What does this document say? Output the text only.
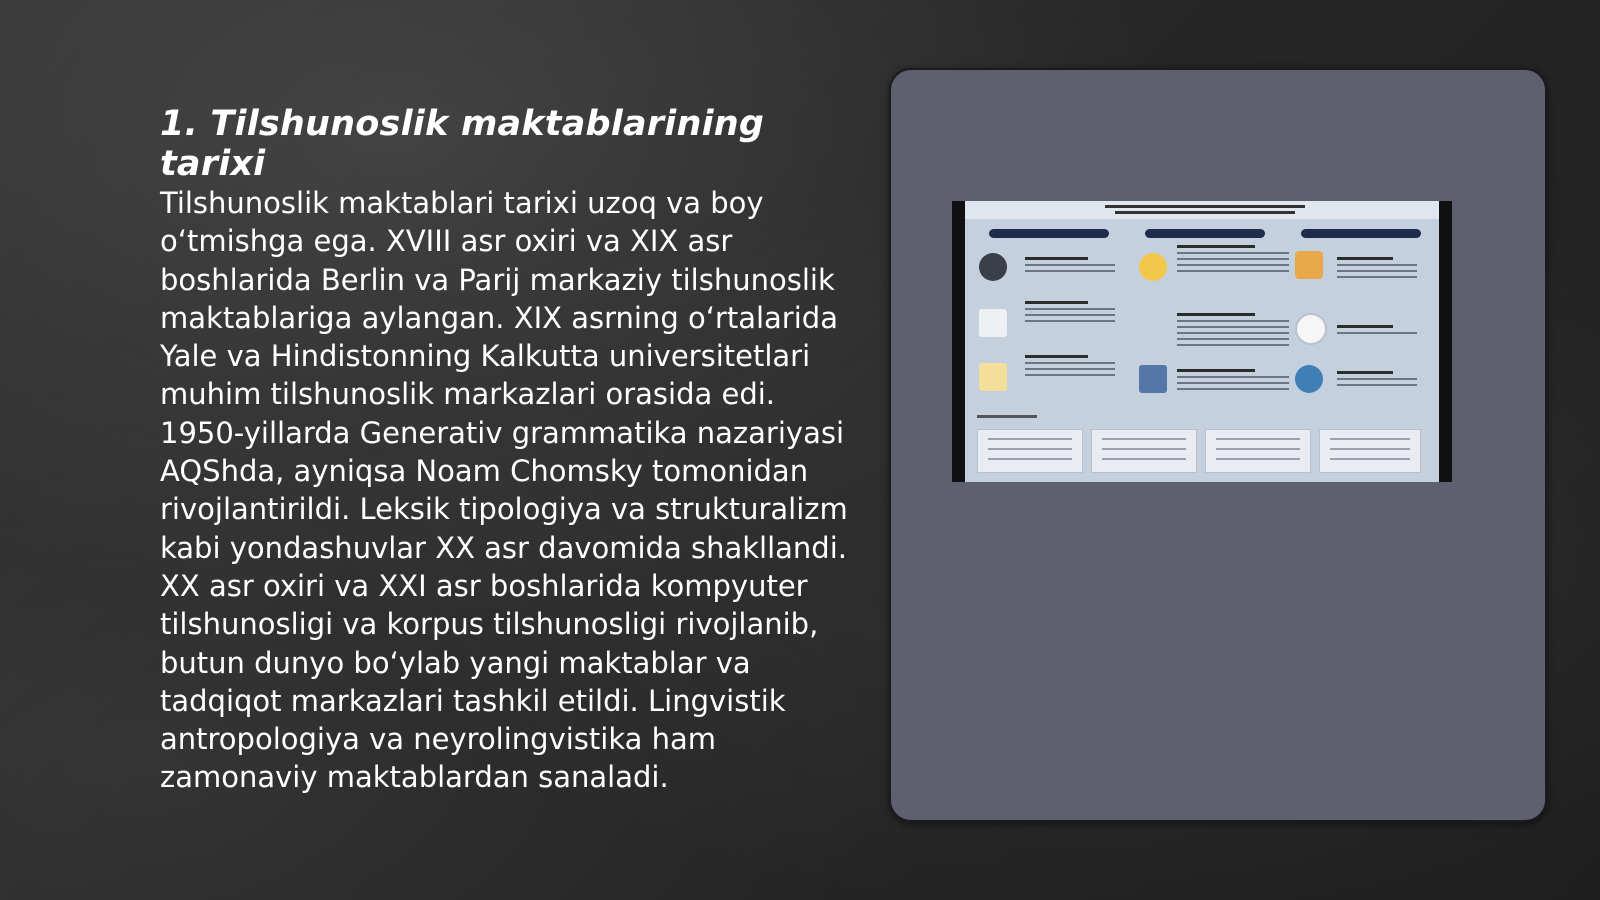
1. Tilshunoslik maktablarining tarixi

Tilshunoslik maktablari tarixi uzoq va boy o‘tmishga ega. XVIII asr oxiri va XIX asr boshlarida Berlin va Parij markaziy tilshunoslik maktablariga aylangan. XIX asrning o‘rtalarida Yale va Hindistonning Kalkutta universitetlari muhim tilshunoslik markazlari orasida edi. 1950-yillarda Generativ grammatika nazariyasi AQShda, ayniqsa Noam Chomsky tomonidan rivojlantirildi. Leksik tipologiya va strukturalizm kabi yondashuvlar XX asr davomida shakllandi. XX asr oxiri va XXI asr boshlarida kompyuter tilshunosligi va korpus tilshunosligi rivojlanib, butun dunyo bo‘ylab yangi maktablar va tadqiqot markazlari tashkil etildi. Lingvistik antropologiya va neyrolingvistika ham zamonaviy maktablardan sanaladi.
